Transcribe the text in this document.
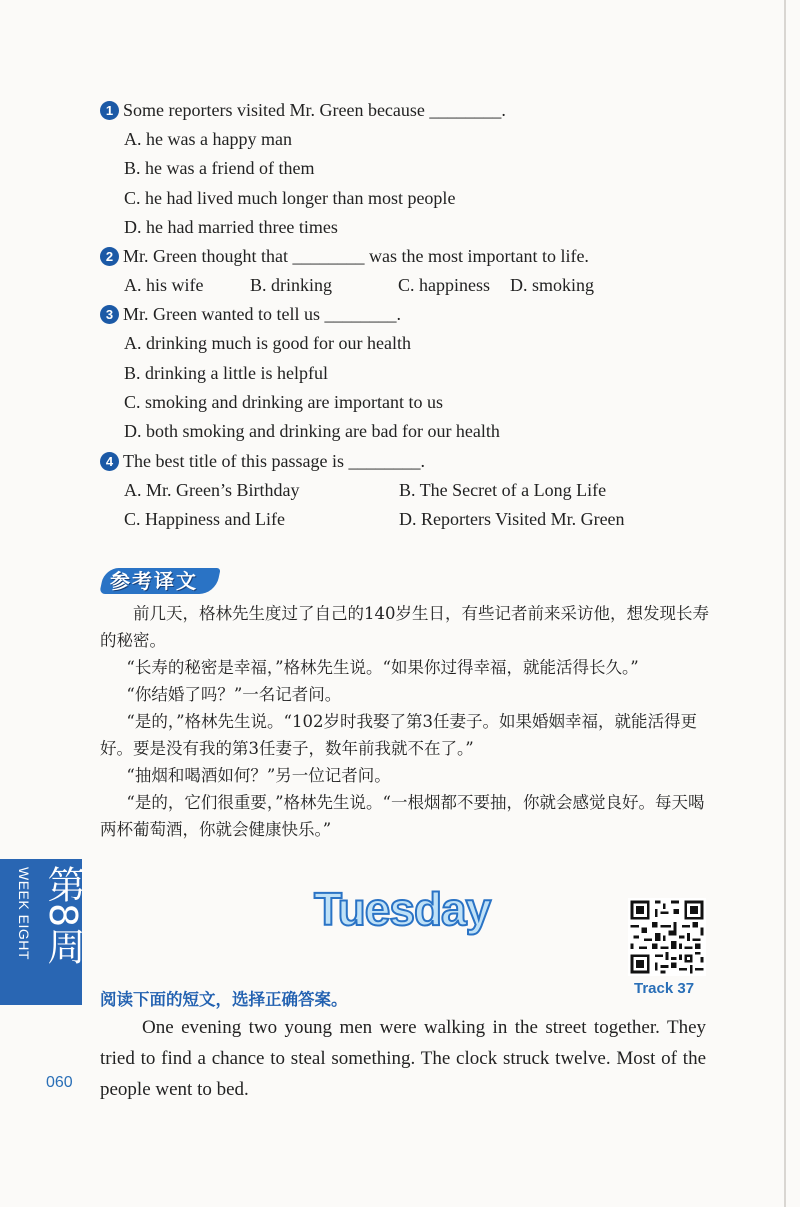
1 Some reporters visited Mr. Green because ________.
A. he was a happy man
B. he was a friend of them
C. he had lived much longer than most people
D. he had married three times
2 Mr. Green thought that ________ was the most important to life.
A. his wife	B. drinking	C. happiness	D. smoking
3 Mr. Green wanted to tell us ________.
A. drinking much is good for our health
B. drinking a little is helpful
C. smoking and drinking are important to us
D. both smoking and drinking are bad for our health
4 The best title of this passage is ________.
A. Mr. Green’s Birthday	B. The Secret of a Long Life
C. Happiness and Life	D. Reporters Visited Mr. Green
参考译文

前几天，格林先生度过了自己的140岁生日，有些记者前来采访他，想发现长寿的秘密。

“长寿的秘密是幸福，”格林先生说。“如果你过得幸福，就能活得长久。”

“你结婚了吗？”一名记者问。

“是的，”格林先生说。“102岁时我娶了第3任妻子。如果婚姻幸福，就能活得更好。要是没有我的第3任妻子，数年前我就不在了。”

“抽烟和喝酒如何？”另一位记者问。

“是的，它们很重要，”格林先生说。“一根烟都不要抽，你就会感觉良好。每天喝两杯葡萄酒，你就会健康快乐。”

第8周
WEEK EIGHT	Tuesday
Track 37
阅读下面的短文，选择正确答案。

One evening two young men were walking in the street together. They tried to find a chance to steal something. The clock struck twelve. Most of the people went to bed.

060
